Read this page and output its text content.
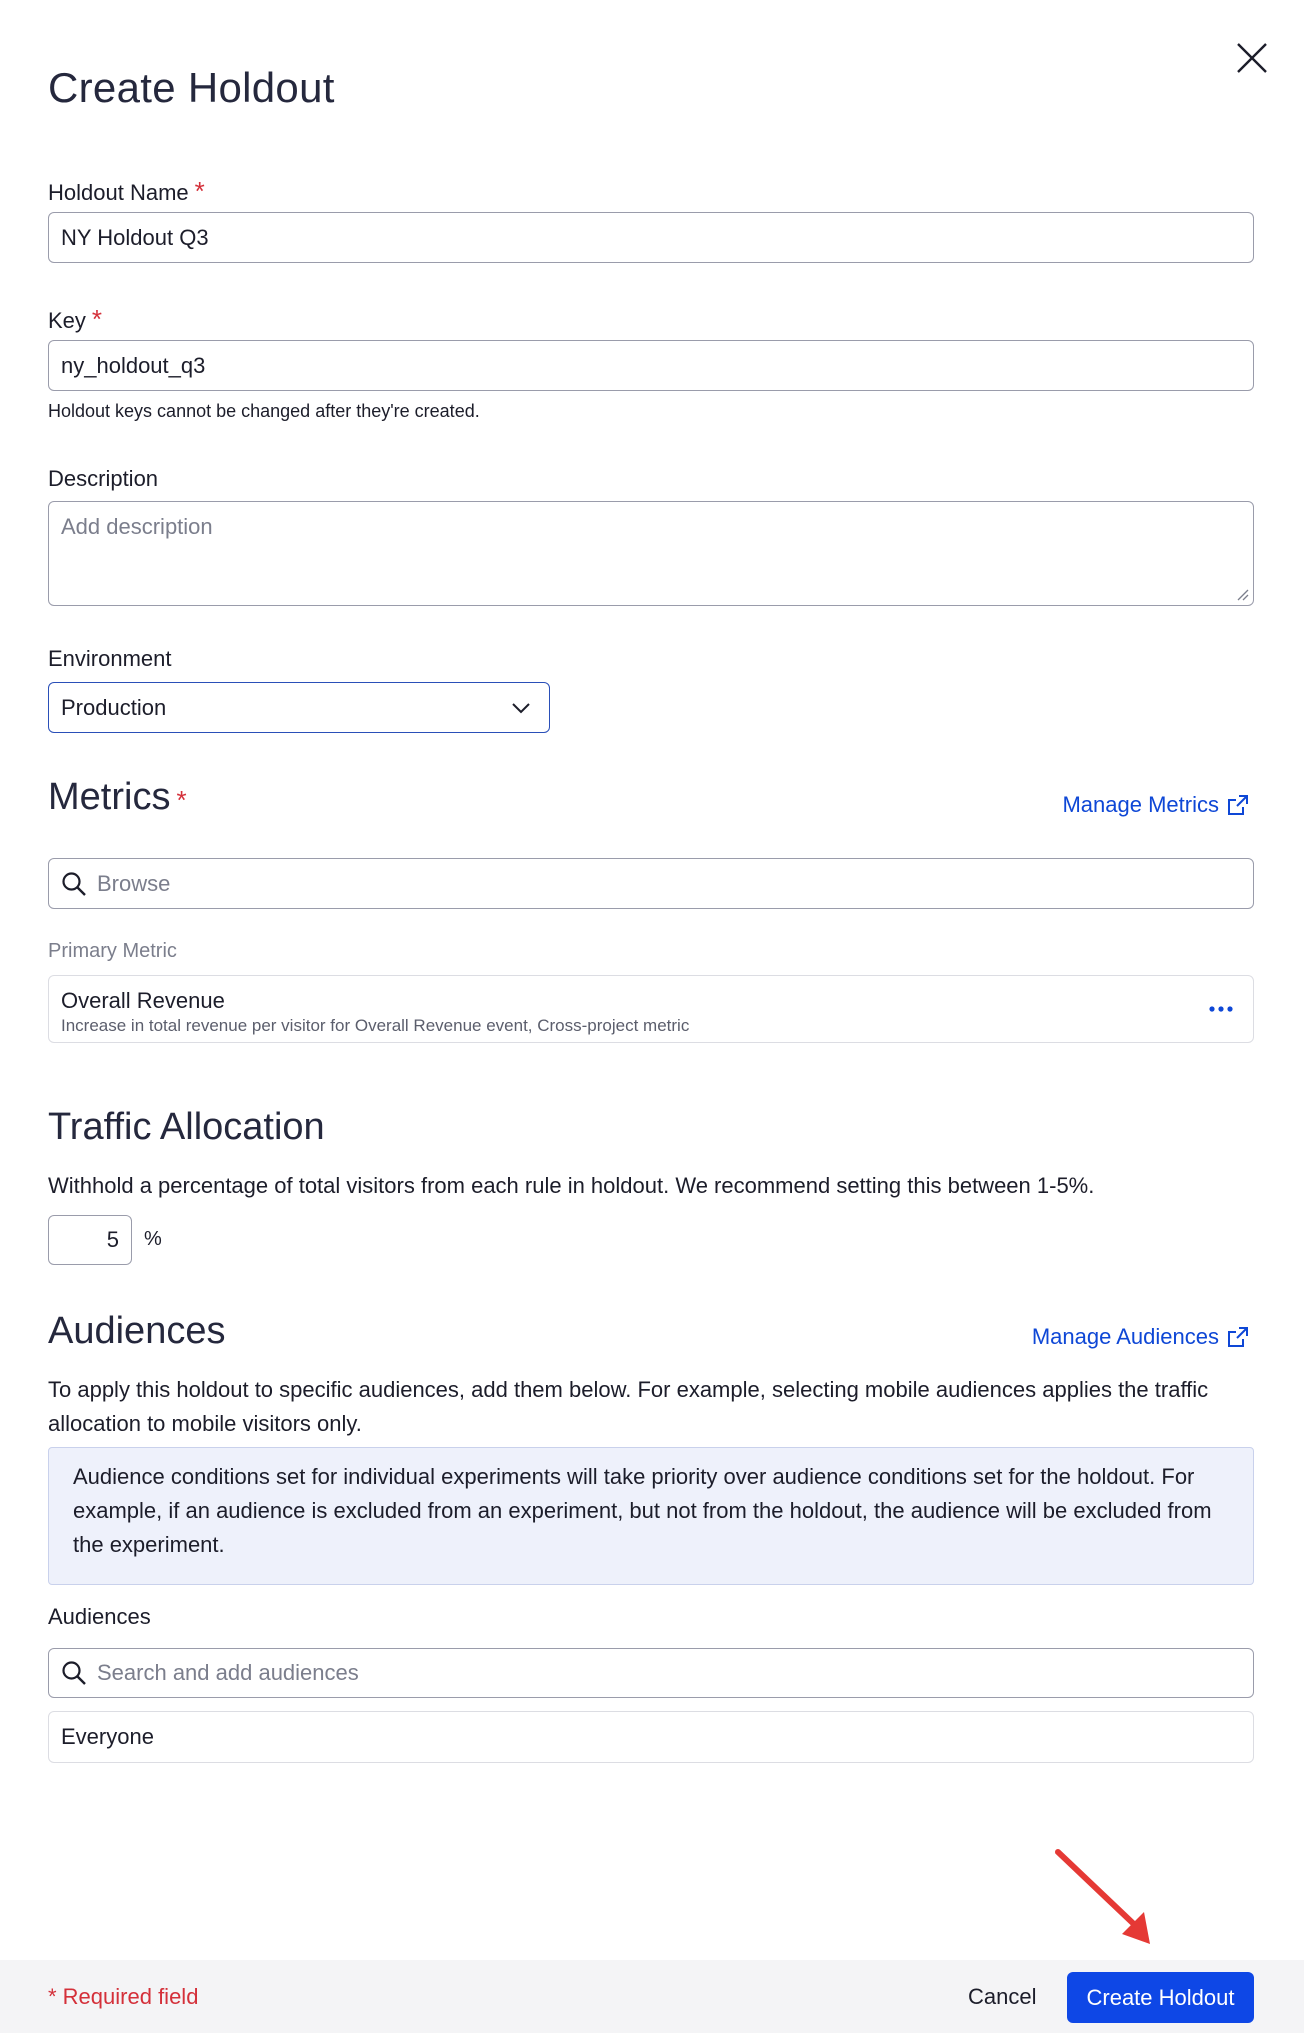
Create Holdout
Holdout Name *
NY Holdout Q3
Key *
ny_holdout_q3
Holdout keys cannot be changed after they're created.
Description
Add description
Environment
Production
Metrics *	Manage Metrics
Browse
Primary Metric
Overall Revenue
Increase in total revenue per visitor for Overall Revenue event, Cross-project metric
Traffic Allocation
Withhold a percentage of total visitors from each rule in holdout. We recommend setting this between 1-5%.
5 %
Audiences	Manage Audiences
To apply this holdout to specific audiences, add them below. For example, selecting mobile audiences applies the traffic allocation to mobile visitors only.
Audience conditions set for individual experiments will take priority over audience conditions set for the holdout. For example, if an audience is excluded from an experiment, but not from the holdout, the audience will be excluded from the experiment.
Audiences
Search and add audiences
Everyone
* Required field	Cancel	Create Holdout
